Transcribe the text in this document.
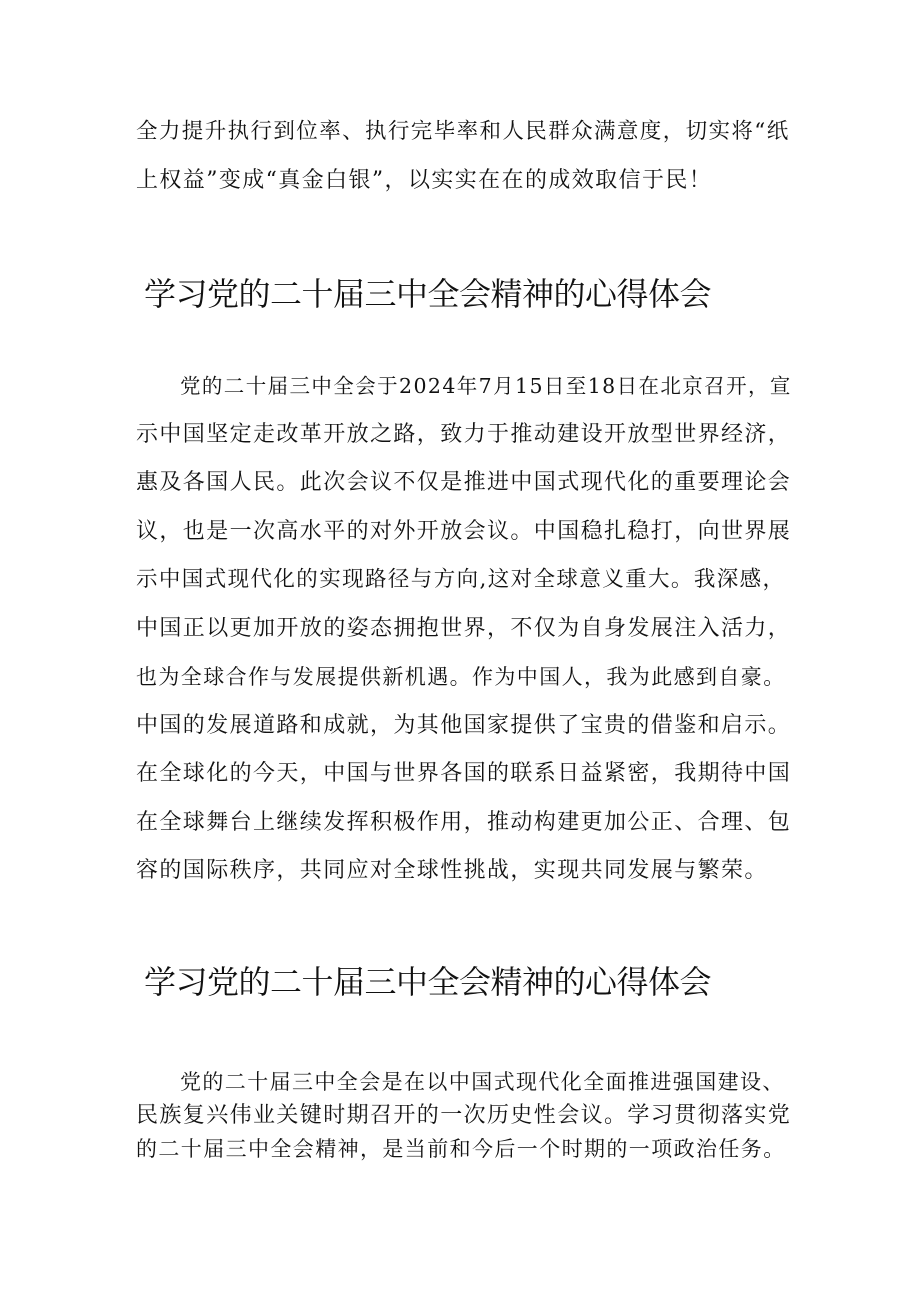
全力提升执行到位率、执行完毕率和人民群众满意度，切实将“纸
上权益”变成“真金白银”，以实实在在的成效取信于民！
学习党的二十届三中全会精神的心得体会
党的二十届三中全会于2024年7月15日至18日在北京召开，宣
示中国坚定走改革开放之路，致力于推动建设开放型世界经济，
惠及各国人民。此次会议不仅是推进中国式现代化的重要理论会
议，也是一次高水平的对外开放会议。中国稳扎稳打，向世界展
示中国式现代化的实现路径与方向,这对全球意义重大。我深感，
中国正以更加开放的姿态拥抱世界，不仅为自身发展注入活力，
也为全球合作与发展提供新机遇。作为中国人，我为此感到自豪。
中国的发展道路和成就，为其他国家提供了宝贵的借鉴和启示。
在全球化的今天，中国与世界各国的联系日益紧密，我期待中国
在全球舞台上继续发挥积极作用，推动构建更加公正、合理、包
容的国际秩序，共同应对全球性挑战，实现共同发展与繁荣。
学习党的二十届三中全会精神的心得体会
党的二十届三中全会是在以中国式现代化全面推进强国建设、
民族复兴伟业关键时期召开的一次历史性会议。学习贯彻落实党
的二十届三中全会精神，是当前和今后一个时期的一项政治任务。
